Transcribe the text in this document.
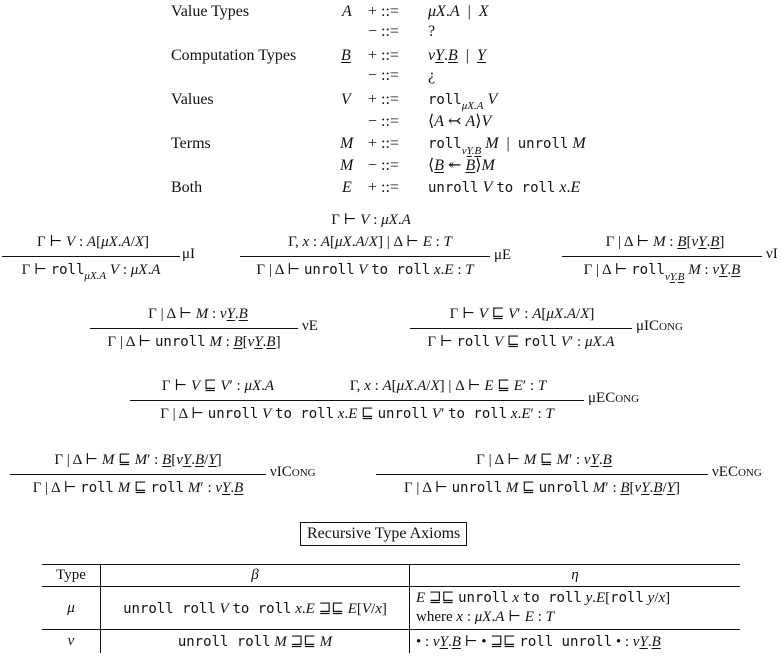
Value Types	A + ::= μX.A  |  X
− ::= ?
Computation Types	B + ::= νY.B  |  Y
− ::= ¿
Values	V + ::= roll$_{\mu X.A}$ V
− ::= ⟨A ↢ A⟩V
Terms	M + ::= roll$_{\nu Y.B}$ M  |  unroll M
M − ::= ⟨B ↞ B⟩M
Both	E + ::= unroll V to roll x.E
Γ ⊢ V : A[μX.A/X]
Γ ⊢ roll$_{\mu X.A}$ V : μX.A
μI
Γ ⊢ V : μX.A
Γ, x : A[μX.A/X] | Δ ⊢ E : T
Γ | Δ ⊢ unroll V to roll x.E : T
μE
Γ | Δ ⊢ M : B[νY.B]
Γ | Δ ⊢ roll$_{\nu Y.B}$ M : νY.B
νI
Γ | Δ ⊢ M : νY.B
Γ | Δ ⊢ unroll M : B[νY.B]
νE
Γ ⊢ V ⊑ V′ : A[μX.A/X]
Γ ⊢ roll V ⊑ roll V′ : μX.A
μICong
Γ ⊢ V ⊑ V′ : μX.A	Γ, x : A[μX.A/X] | Δ ⊢ E ⊑ E′ : T
Γ | Δ ⊢ unroll V to roll x.E ⊑ unroll V′ to roll x.E′ : T
μECong
Γ | Δ ⊢ M ⊑ M′ : B[νY.B/Y]
Γ | Δ ⊢ roll M ⊑ roll M′ : νY.B
νICong
Γ | Δ ⊢ M ⊑ M′ : νY.B
Γ | Δ ⊢ unroll M ⊑ unroll M′ : B[νY.B/Y]
νECong
Recursive Type Axioms
Type	β	η
μ	unroll roll V to roll x.E ⊒⊑ E[V/x]	E ⊒⊑ unroll x to roll y.E[roll y/x]
where x : μX.A ⊢ E : T

ν	unroll roll M ⊒⊑ M	• : νY.B ⊢ • ⊒⊑ roll unroll • : νY.B
